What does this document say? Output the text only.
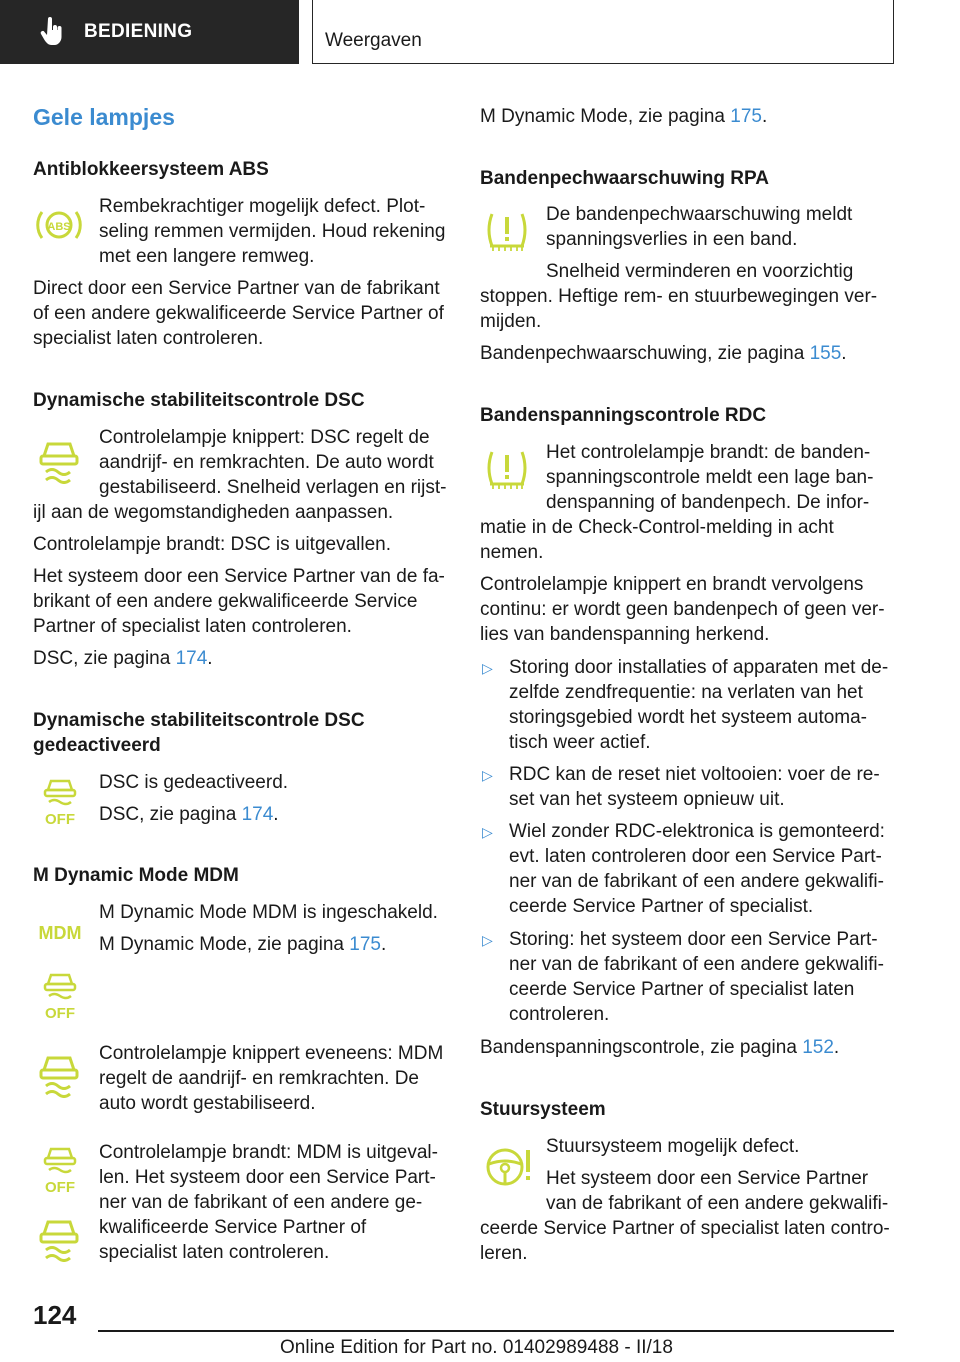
BEDIENING	Weergaven
Gele lampjes
Antiblokkeersysteem ABS
ABS
Rembekrachtiger mogelijk defect. Plot-
seling remmen vermijden. Houd rekening
met een langere remweg.
Direct door een Service Partner van de fabrikant
of een andere gekwalificeerde Service Partner of
specialist laten controleren.
Dynamische stabiliteitscontrole DSC
Controlelampje knippert: DSC regelt de
aandrijf- en remkrachten. De auto wordt
gestabiliseerd. Snelheid verlagen en rijst-
ijl aan de wegomstandigheden aanpassen.
Controlelampje brandt: DSC is uitgevallen.
Het systeem door een Service Partner van de fa-
brikant of een andere gekwalificeerde Service
Partner of specialist laten controleren.
DSC, zie pagina 174.
Dynamische stabiliteitscontrole DSC
gedeactiveerd
OFF
DSC is gedeactiveerd.
DSC, zie pagina 174.
M Dynamic Mode MDM
MDM
M Dynamic Mode MDM is ingeschakeld.
M Dynamic Mode, zie pagina 175.
OFF
Controlelampje knippert eveneens: MDM
regelt de aandrijf- en remkrachten. De
auto wordt gestabiliseerd.
OFF
Controlelampje brandt: MDM is uitgeval-
len. Het systeem door een Service Part-
ner van de fabrikant of een andere ge-
kwalificeerde Service Partner of
specialist laten controleren.
M Dynamic Mode, zie pagina 175.
Bandenpechwaarschuwing RPA
De bandenpechwaarschuwing meldt
spanningsverlies in een band.
Snelheid verminderen en voorzichtig
stoppen. Heftige rem- en stuurbewegingen ver-
mijden.
Bandenpechwaarschuwing, zie pagina 155.
Bandenspanningscontrole RDC
Het controlelampje brandt: de banden-
spanningscontrole meldt een lage ban-
denspanning of bandenpech. De infor-
matie in de Check-Control-melding in acht
nemen.
Controlelampje knippert en brandt vervolgens
continu: er wordt geen bandenpech of geen ver-
lies van bandenspanning herkend.
▷ Storing door installaties of apparaten met de-
zelfde zendfrequentie: na verlaten van het
storingsgebied wordt het systeem automa-
tisch weer actief.
▷ RDC kan de reset niet voltooien: voer de re-
set van het systeem opnieuw uit.
▷ Wiel zonder RDC-elektronica is gemonteerd:
evt. laten controleren door een Service Part-
ner van de fabrikant of een andere gekwalifi-
ceerde Service Partner of specialist.
▷ Storing: het systeem door een Service Part-
ner van de fabrikant of een andere gekwalifi-
ceerde Service Partner of specialist laten
controleren.
Bandenspanningscontrole, zie pagina 152.
Stuursysteem
Stuursysteem mogelijk defect.
Het systeem door een Service Partner
van de fabrikant of een andere gekwalifi-
ceerde Service Partner of specialist laten contro-
leren.
124
Online Edition for Part no. 01402989488 - II/18
